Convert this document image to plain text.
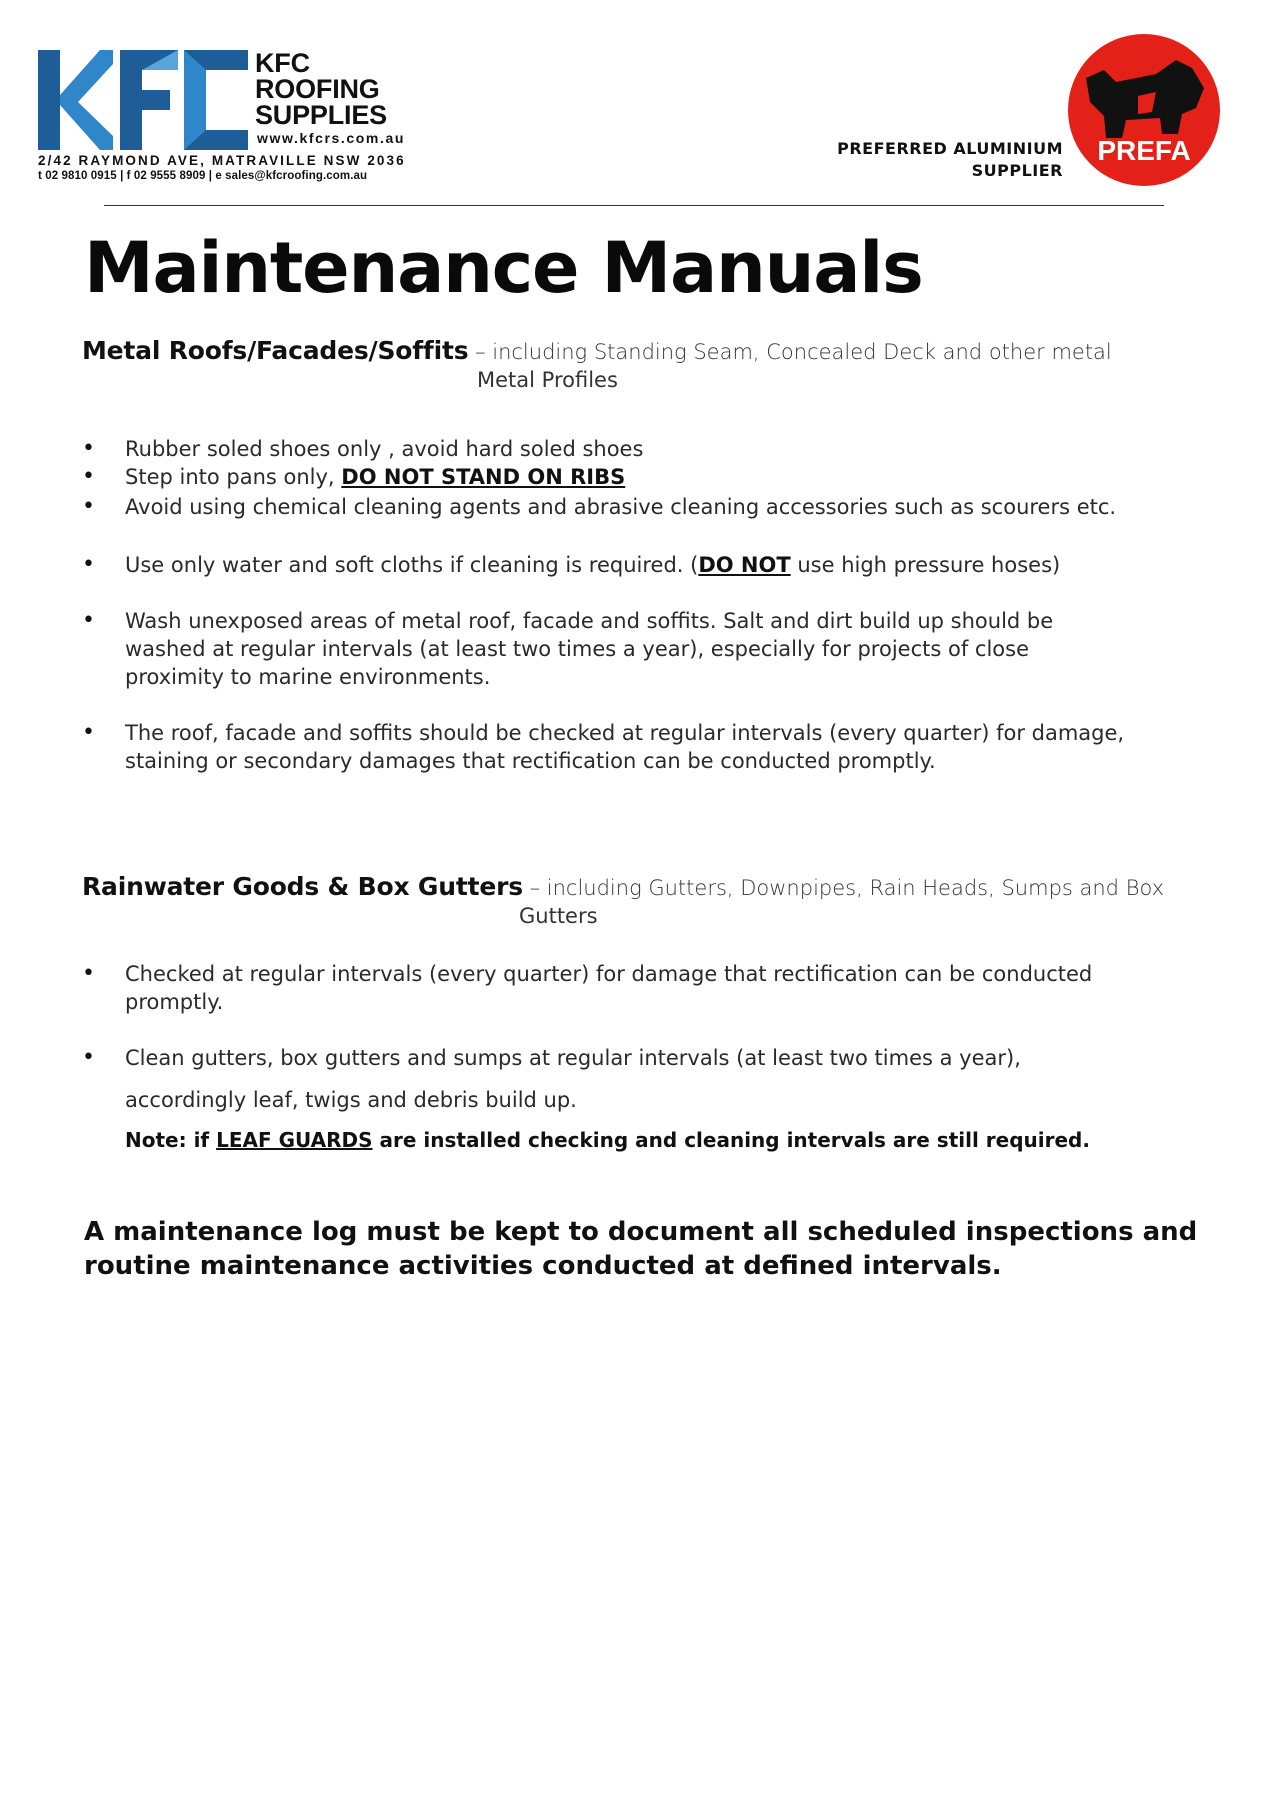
KFC
ROOFING
SUPPLIES
www.kfcrs.com.au
2/42 RAYMOND AVE, MATRAVILLE NSW 2036
t 02 9810 0915 | f 02 9555 8909 | e sales@kfcroofing.com.au
PREFERRED ALUMINIUM
SUPPLIER
PREFA
Maintenance Manuals
Metal Roofs/Facades/Soffits – including Standing Seam, Concealed Deck and other metal
Metal Profiles
• Rubber soled shoes only , avoid hard soled shoes
• Step into pans only, DO NOT STAND ON RIBS
• Avoid using chemical cleaning agents and abrasive cleaning accessories such as scourers etc.
• Use only water and soft cloths if cleaning is required. (DO NOT use high pressure hoses)
• Wash unexposed areas of metal roof, facade and soffits. Salt and dirt build up should be washed at regular intervals (at least two times a year), especially for projects of close proximity to marine environments.
• The roof, facade and soffits should be checked at regular intervals (every quarter) for damage, staining or secondary damages that rectification can be conducted promptly.
Rainwater Goods & Box Gutters – including Gutters, Downpipes, Rain Heads, Sumps and Box
Gutters
• Checked at regular intervals (every quarter) for damage that rectification can be conducted promptly.
• Clean gutters, box gutters and sumps at regular intervals (at least two times a year),
accordingly leaf, twigs and debris build up.
Note: if LEAF GUARDS are installed checking and cleaning intervals are still required.

A maintenance log must be kept to document all scheduled inspections and routine maintenance activities conducted at defined intervals.
